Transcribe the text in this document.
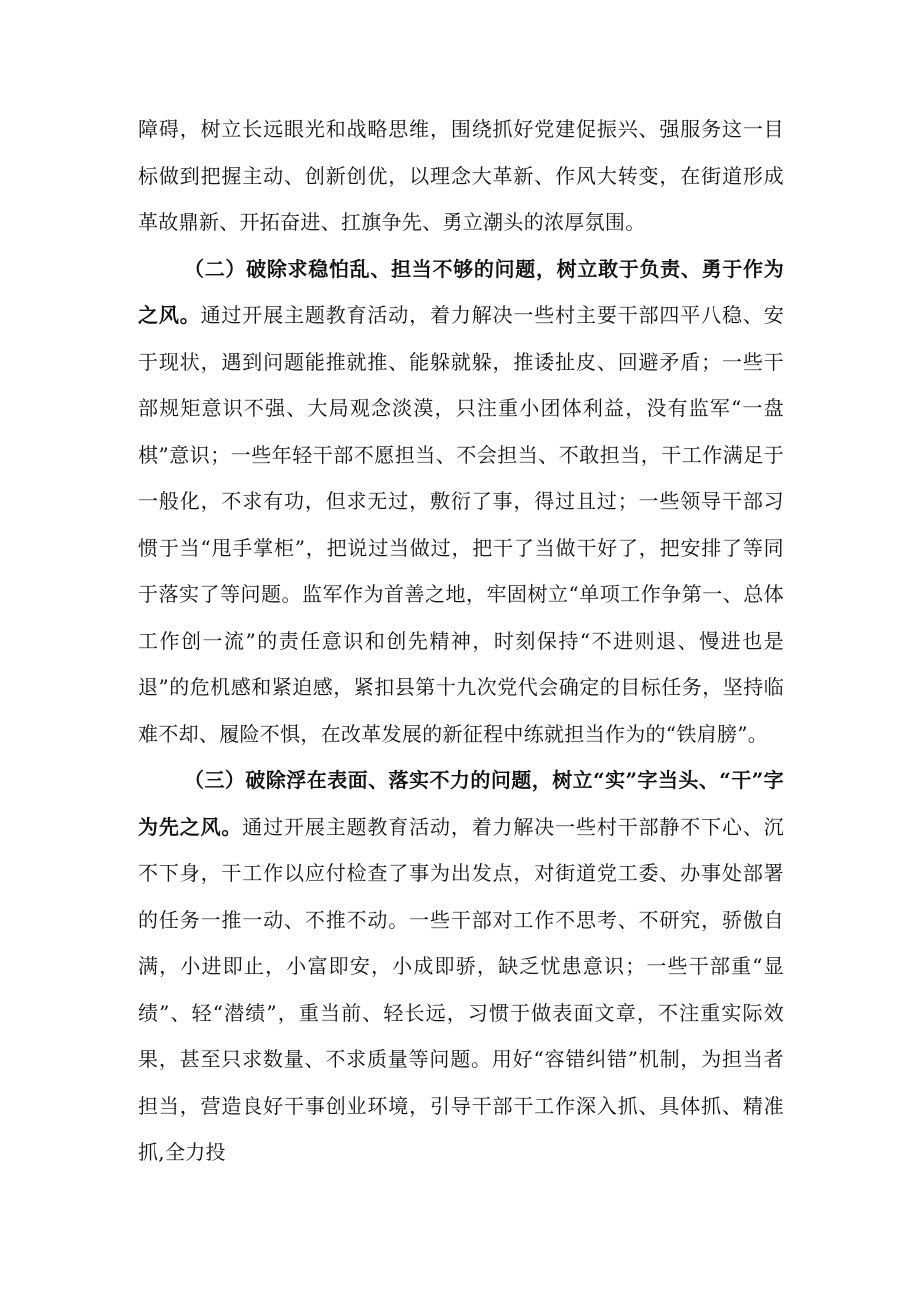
障碍，树立长远眼光和战略思维，围绕抓好党建促振兴、强服务这一目标做到把握主动、创新创优，以理念大革新、作风大转变，在街道形成革故鼎新、开拓奋进、扛旗争先、勇立潮头的浓厚氛围。

（二）破除求稳怕乱、担当不够的问题，树立敢于负责、勇于作为之风。通过开展主题教育活动，着力解决一些村主要干部四平八稳、安于现状，遇到问题能推就推、能躲就躲，推诿扯皮、回避矛盾；一些干部规矩意识不强、大局观念淡漠，只注重小团体利益，没有监军“一盘棋”意识；一些年轻干部不愿担当、不会担当、不敢担当，干工作满足于一般化，不求有功，但求无过，敷衍了事，得过且过；一些领导干部习惯于当“甩手掌柜”，把说过当做过，把干了当做干好了，把安排了等同于落实了等问题。监军作为首善之地，牢固树立“单项工作争第一、总体工作创一流”的责任意识和创先精神，时刻保持“不进则退、慢进也是退”的危机感和紧迫感，紧扣县第十九次党代会确定的目标任务，坚持临难不却、履险不惧，在改革发展的新征程中练就担当作为的“铁肩膀”。

（三）破除浮在表面、落实不力的问题，树立“实”字当头、“干”字为先之风。通过开展主题教育活动，着力解决一些村干部静不下心、沉不下身，干工作以应付检查了事为出发点，对街道党工委、办事处部署的任务一推一动、不推不动。一些干部对工作不思考、不研究，骄傲自满，小进即止，小富即安，小成即骄，缺乏忧患意识；一些干部重“显绩”、轻“潜绩”，重当前、轻长远，习惯于做表面文章，不注重实际效果，甚至只求数量、不求质量等问题。用好“容错纠错”机制，为担当者担当，营造良好干事创业环境，引导干部干工作深入抓、具体抓、精准抓,全力投
